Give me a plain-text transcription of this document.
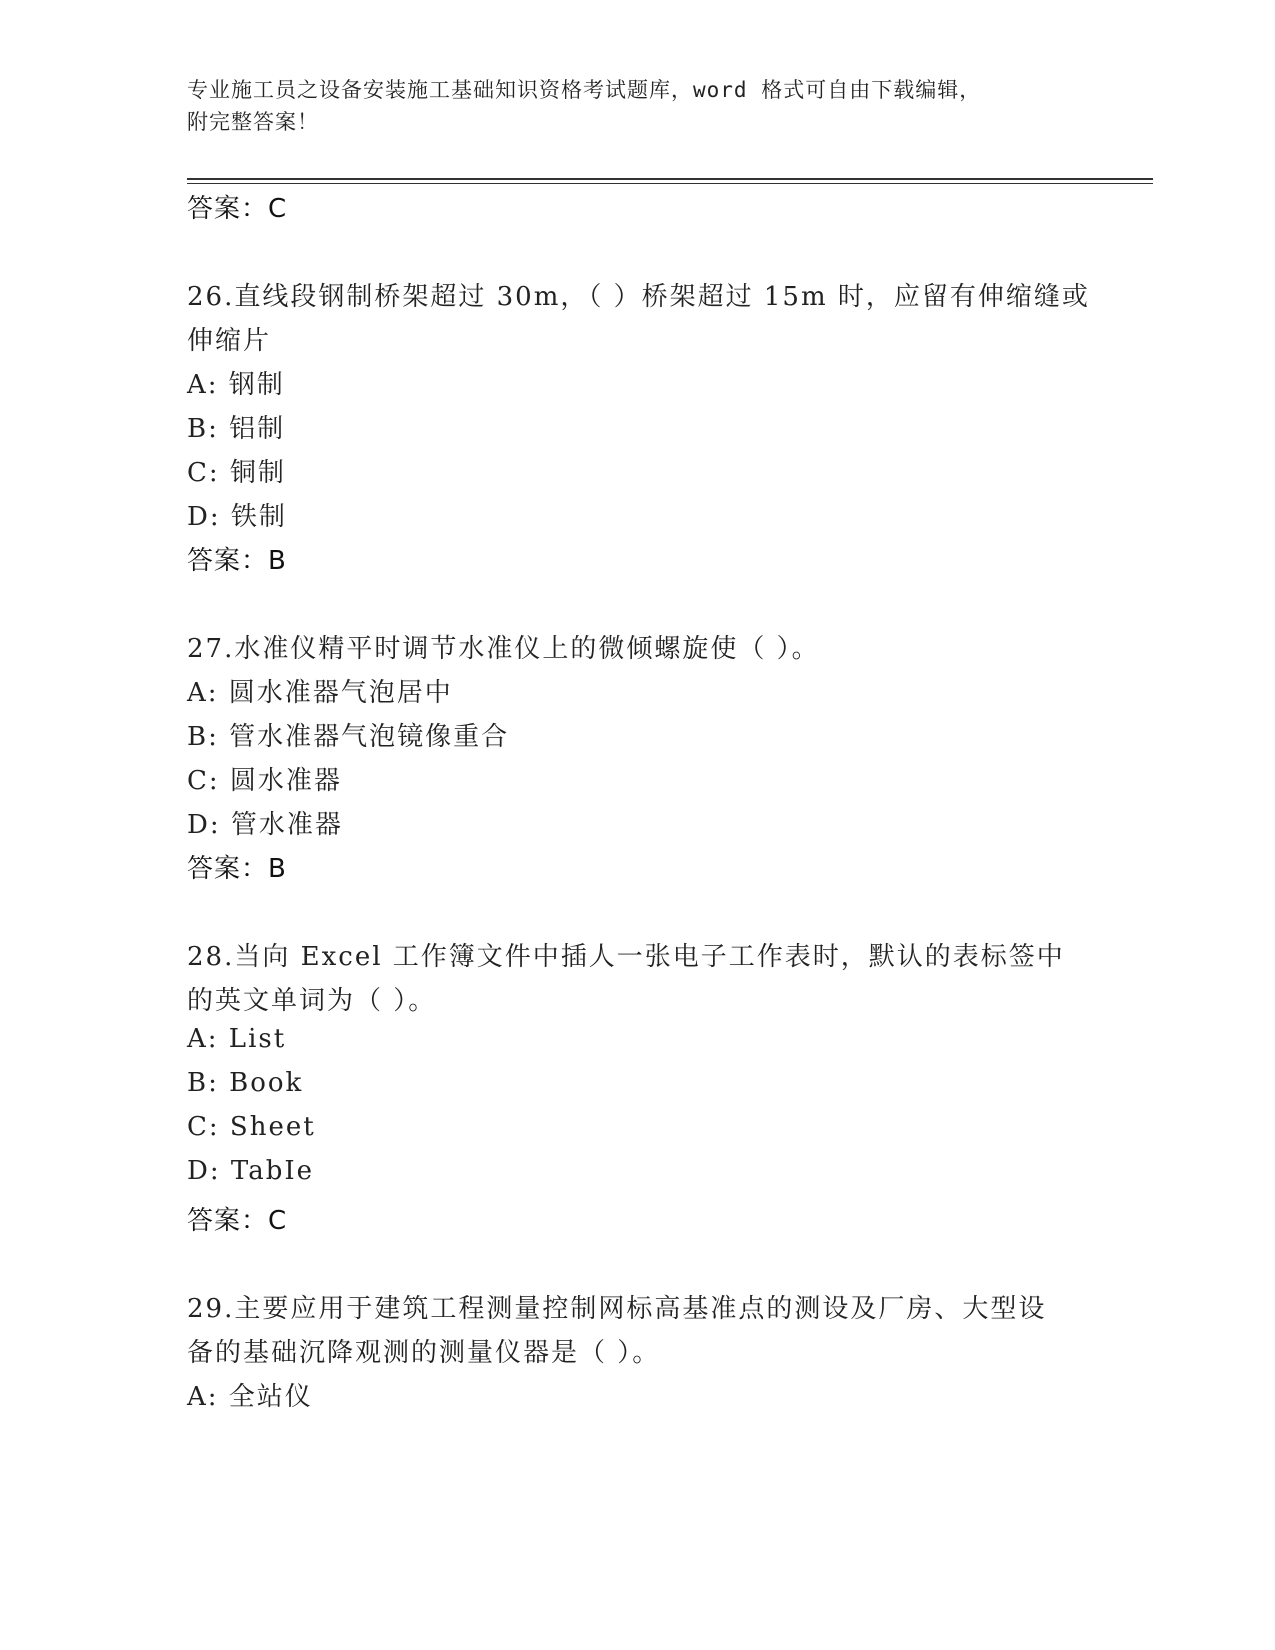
专业施工员之设备安装施工基础知识资格考试题库，word 格式可自由下载编辑，
附完整答案！
答案：C
26.直线段钢制桥架超过 30m，（ ）桥架超过 15m 时，应留有伸缩缝或
伸缩片
A: 钢制
B: 铝制
C: 铜制
D: 铁制
答案：B
27.水准仪精平时调节水准仪上的微倾螺旋使（ ）。
A: 圆水准器气泡居中
B: 管水准器气泡镜像重合
C: 圆水准器
D: 管水准器
答案：B
28.当向 Excel 工作簿文件中插人一张电子工作表时，默认的表标签中
的英文单词为（ ）。
A: List
B: Book
C: Sheet
D: TabIe
答案：C
29.主要应用于建筑工程测量控制网标高基准点的测设及厂房、大型设
备的基础沉降观测的测量仪器是（ ）。
A: 全站仪
